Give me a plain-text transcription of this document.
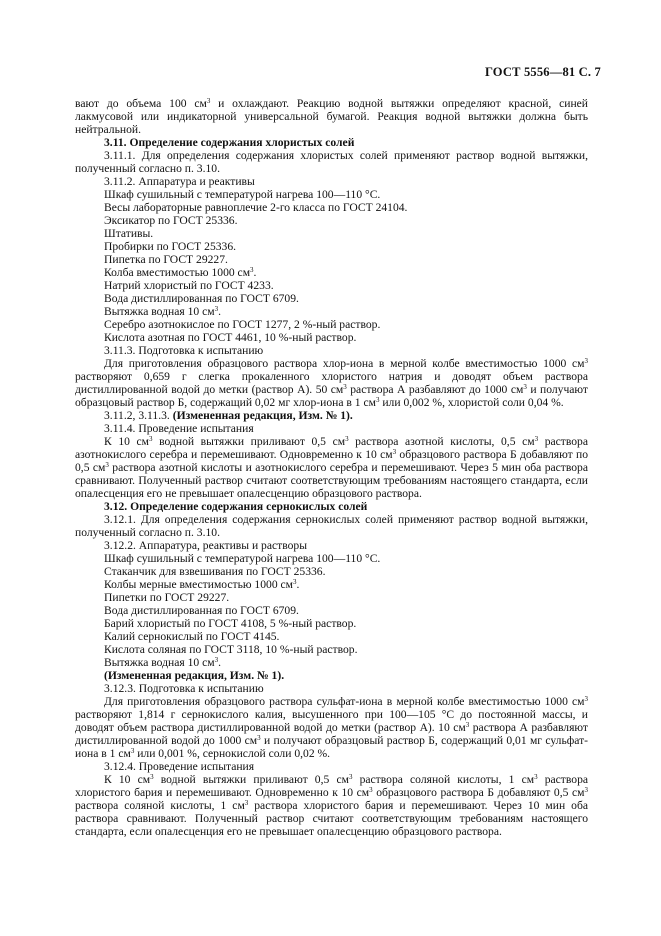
ГОСТ 5556—81 С. 7

вают до объема 100 $см^3$ и охлаждают. Реакцию водной вытяжки определяют красной, синей лакмусовой или индикаторной универсальной бумагой. Реакция водной вытяжки должна быть нейтральной.

3.11. Определение содержания хлористых солей

3.11.1. Для определения содержания хлористых солей применяют раствор водной вытяжки, полученный согласно п. 3.10.

3.11.2. Аппаратура и реактивы

Шкаф сушильный с температурой нагрева 100—110 °С.

Весы лабораторные равноплечие 2-го класса по ГОСТ 24104.

Эксикатор по ГОСТ 25336.

Штативы.

Пробирки по ГОСТ 25336.

Пипетка по ГОСТ 29227.

Колба вместимостью 1000 $см^3$.

Натрий хлористый по ГОСТ 4233.

Вода дистиллированная по ГОСТ 6709.

Вытяжка водная 10 $см^3$.

Серебро азотнокислое по ГОСТ 1277, 2 %-ный раствор.

Кислота азотная по ГОСТ 4461, 10 %-ный раствор.

3.11.3. Подготовка к испытанию

Для приготовления образцового раствора хлор-иона в мерной колбе вместимостью 1000 $см^3$ растворяют 0,659 г слегка прокаленного хлористого натрия и доводят объем раствора дистиллированной водой до метки (раствор А). 50 $см^3$ раствора А разбавляют до 1000 $см^3$ и получают образцовый раствор Б, содержащий 0,02 мг хлор-иона в 1 $см^3$ или 0,002 %, хлористой соли 0,04 %.

3.11.2, 3.11.3. (Измененная редакция, Изм. № 1).

3.11.4. Проведение испытания

К 10 $см^3$ водной вытяжки приливают 0,5 $см^3$ раствора азотной кислоты, 0,5 $см^3$ раствора азотнокислого серебра и перемешивают. Одновременно к 10 $см^3$ образцового раствора Б добавляют по 0,5 $см^3$ раствора азотной кислоты и азотнокислого серебра и перемешивают. Через 5 мин оба раствора сравнивают. Полученный раствор считают соответствующим требованиям настоящего стандарта, если опалесценция его не превышает опалесценцию образцового раствора.

3.12. Определение содержания сернокислых солей

3.12.1. Для определения содержания сернокислых солей применяют раствор водной вытяжки, полученный согласно п. 3.10.

3.12.2. Аппаратура, реактивы и растворы

Шкаф сушильный с температурой нагрева 100—110 °С.

Стаканчик для взвешивания по ГОСТ 25336.

Колбы мерные вместимостью 1000 $см^3$.

Пипетки по ГОСТ 29227.

Вода дистиллированная по ГОСТ 6709.

Барий хлористый по ГОСТ 4108, 5 %-ный раствор.

Калий сернокислый по ГОСТ 4145.

Кислота соляная по ГОСТ 3118, 10 %-ный раствор.

Вытяжка водная 10 $см^3$.

(Измененная редакция, Изм. № 1).

3.12.3. Подготовка к испытанию

Для приготовления образцового раствора сульфат-иона в мерной колбе вместимостью 1000 $см^3$ растворяют 1,814 г сернокислого калия, высушенного при 100—105 °С до постоянной массы, и доводят объем раствора дистиллированной водой до метки (раствор А). 10 $см^3$ раствора А разбавляют дистиллированной водой до 1000 $см^3$ и получают образцовый раствор Б, содержащий 0,01 мг сульфат-иона в 1 $см^3$ или 0,001 %, сернокислой соли 0,02 %.

3.12.4. Проведение испытания

К 10 $см^3$ водной вытяжки приливают 0,5 $см^3$ раствора соляной кислоты, 1 $см^3$ раствора хлористого бария и перемешивают. Одновременно к 10 $см^3$ образцового раствора Б добавляют 0,5 $см^3$ раствора соляной кислоты, 1 $см^3$ раствора хлористого бария и перемешивают. Через 10 мин оба раствора сравнивают. Полученный раствор считают соответствующим требованиям настоящего стандарта, если опалесценция его не превышает опалесценцию образцового раствора.
